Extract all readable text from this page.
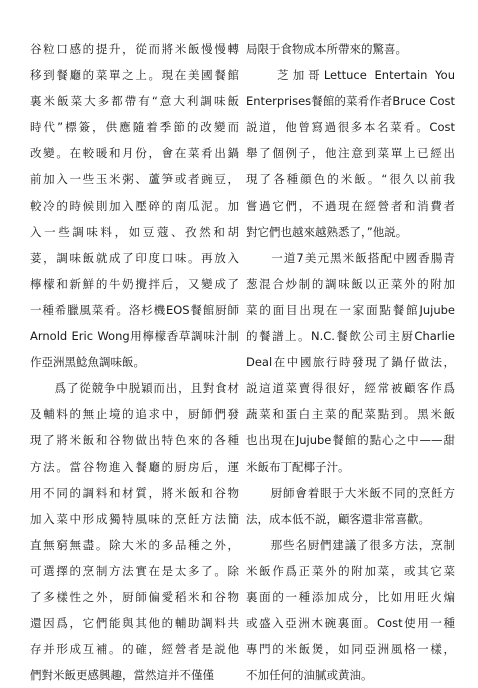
谷粒口感的提升，從而將米飯慢慢轉
移到餐廳的菜單之上。現在美國餐館
裏米飯菜大多都帶有“意大利調味飯
時代”標簽，供應隨着季節的改變而
改變。在較暖和月份，會在菜肴出鍋
前加入一些玉米粥、蘆笋或者豌豆，
較冷的時候則加入壓碎的南瓜泥。加
入一些調味料，如豆蔻、孜然和胡
荽，調味飯就成了印度口味。再放入
檸檬和新鮮的牛奶攪拌后，又變成了
一種希臘風菜肴。洛杉機EOS餐館厨師
Arnold Eric Wong用檸檬香草調味汁制
作亞洲黑鯰魚調味飯。
　　爲了從競争中脱穎而出，且對食材
及輔料的無止境的追求中，厨師們發
現了將米飯和谷物做出特色來的各種
方法。當谷物進入餐廳的厨房后，運
用不同的調料和材質，將米飯和谷物
加入菜中形成獨特風味的烹飪方法簡
直無窮無盡。除大米的多品種之外，
可選擇的烹制方法實在是太多了。除
了多樣性之外，厨師偏愛稻米和谷物
還因爲，它們能與其他的輔助調料共
存并形成互補。的確，經營者是説他
們對米飯更感興趣，當然這并不僅僅
局限于食物成本所帶來的驚喜。
　　芝加哥Lettuce Entertain You
Enterprises餐館的菜肴作者Bruce Cost
説道，他曾寫過很多本名菜肴。Cost
舉了個例子，他注意到菜單上已經出
現了各種顔色的米飯。“很久以前我
嘗過它們，不過現在經營者和消費者
對它們也越來越熟悉了，”他説。
　　一道7美元黑米飯搭配中國香腸青
葱混合炒制的調味飯以正菜外的附加
菜的面目出現在一家面點餐館Jujube
的餐譜上。N.C.餐飲公司主厨Charlie
Deal在中國旅行時發現了鍋仔做法，
説這道菜賣得很好，經常被顧客作爲
蔬菜和蛋白主菜的配菜點到。黑米飯
也出現在Jujube餐館的點心之中——甜
米飯布丁配椰子汁。
　　厨師會着眼于大米飯不同的烹飪方
法，成本低不説，顧客還非常喜歡。
　　那些名厨們建議了很多方法，烹制
米飯作爲正菜外的附加菜，或其它菜
裏面的一種添加成分，比如用旺火煸
或盛入亞洲木碗裏面。Cost使用一種
專門的米飯煲，如同亞洲風格一樣，
不加任何的油膩或黄油。
